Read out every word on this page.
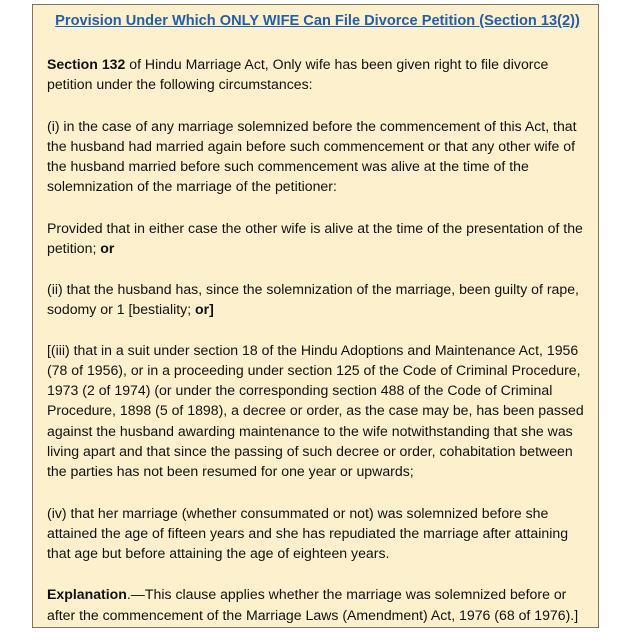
Provision Under Which ONLY WIFE Can File Divorce Petition (Section 13(2))
Section 132 of Hindu Marriage Act, Only wife has been given right to file divorce petition under the following circumstances:
(i) in the case of any marriage solemnized before the commencement of this Act, that the husband had married again before such commencement or that any other wife of the husband married before such commencement was alive at the time of the solemnization of the marriage of the petitioner:
Provided that in either case the other wife is alive at the time of the presentation of the petition; or
(ii) that the husband has, since the solemnization of the marriage, been guilty of rape, sodomy or 1 [bestiality; or]
[(iii) that in a suit under section 18 of the Hindu Adoptions and Maintenance Act, 1956 (78 of 1956), or in a proceeding under section 125 of the Code of Criminal Procedure, 1973 (2 of 1974) (or under the corresponding section 488 of the Code of Criminal Procedure, 1898 (5 of 1898), a decree or order, as the case may be, has been passed against the husband awarding maintenance to the wife notwithstanding that she was living apart and that since the passing of such decree or order, cohabitation between the parties has not been resumed for one year or upwards;
(iv) that her marriage (whether consummated or not) was solemnized before she attained the age of fifteen years and she has repudiated the marriage after attaining that age but before attaining the age of eighteen years.
Explanation.—This clause applies whether the marriage was solemnized before or after the commencement of the Marriage Laws (Amendment) Act, 1976 (68 of 1976).]
